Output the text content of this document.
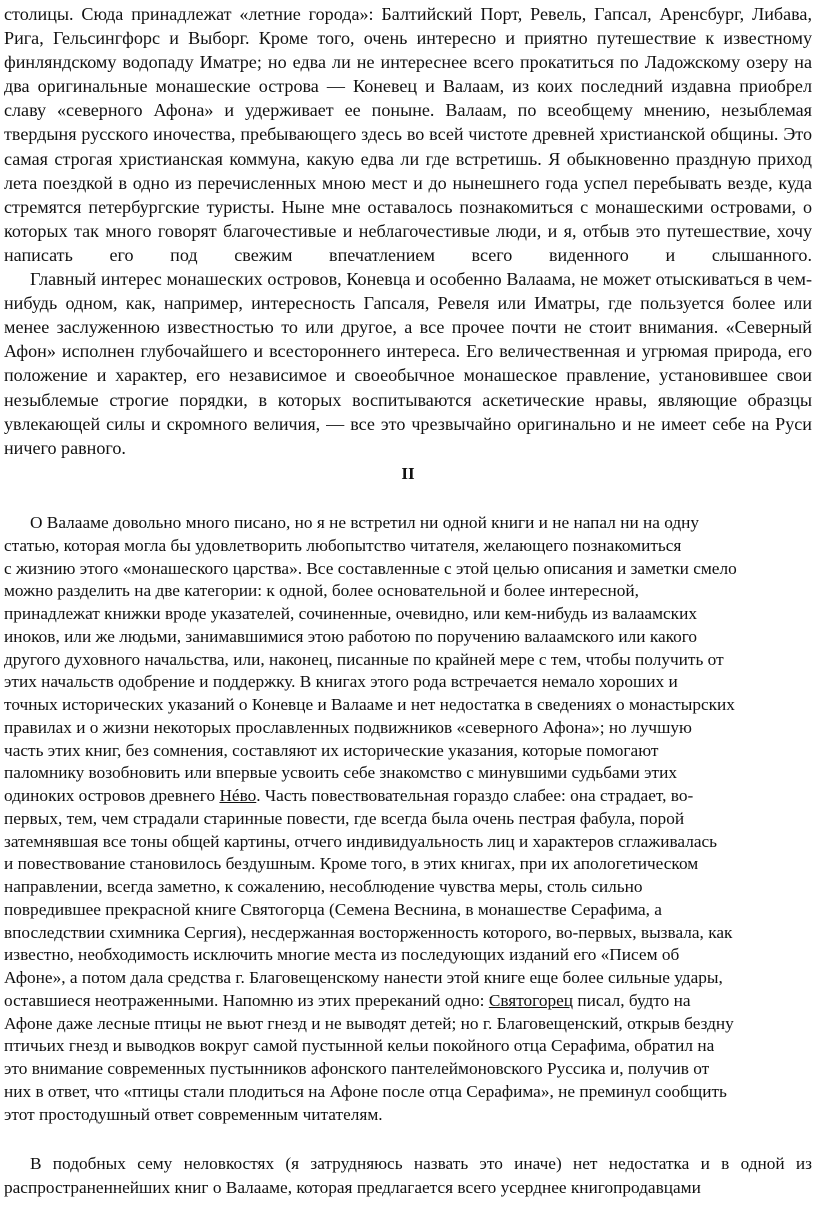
столицы. Сюда принадлежат «летние города»: Балтийский Порт, Ревель, Гапсал, Аренсбург, Либава, Рига, Гельсингфорс и Выборг. Кроме того, очень интересно и приятно путешествие к известному финляндскому водопаду Иматре; но едва ли не интереснее всего прокатиться по Ладожскому озеру на два оригинальные монашеские острова — Коневец и Валаам, из коих последний издавна приобрел славу «северного Афона» и удерживает ее поныне. Валаам, по всеобщему мнению, незыблемая твердыня русского иночества, пребывающего здесь во всей чистоте древней христианской общины. Это самая строгая христианская коммуна, какую едва ли где встретишь. Я обыкновенно праздную приход лета поездкой в одно из перечисленных мною мест и до нынешнего года успел перебывать везде, куда стремятся петербургские туристы. Ныне мне оставалось познакомиться с монашескими островами, о которых так много говорят благочестивые и неблагочестивые люди, и я, отбыв это путешествие, хочу написать его под свежим впечатлением всего виденного и слышанного.

Главный интерес монашеских островов, Коневца и особенно Валаама, не может отыскиваться в чем-нибудь одном, как, например, интересность Гапсаля, Ревеля или Иматры, где пользуется более или менее заслуженною известностью то или другое, а все прочее почти не стоит внимания. «Северный Афон» исполнен глубочайшего и всестороннего интереса. Его величественная и угрюмая природа, его положение и характер, его независимое и своеобычное монашеское правление, установившее свои незыблемые строгие порядки, в которых воспитываются аскетические нравы, являющие образцы увлекающей силы и скромного величия, — все это чрезвычайно оригинально и не имеет себе на Руси ничего равного.

II
О Валааме довольно много писано, но я не встретил ни одной книги и не напал ни на одну
статью, которая могла бы удовлетворить любопытство читателя, желающего познакомиться
с жизнию этого «монашеского царства». Все составленные с этой целью описания и заметки смело
можно разделить на две категории: к одной, более основательной и более интересной,
принадлежат книжки вроде указателей, сочиненные, очевидно, или кем-нибудь из валаамских
иноков, или же людьми, занимавшимися этою работою по поручению валаамского или какого
другого духовного начальства, или, наконец, писанные по крайней мере с тем, чтобы получить от
этих начальств одобрение и поддержку. В книгах этого рода встречается немало хороших и
точных исторических указаний о Коневце и Валааме и нет недостатка в сведениях о монастырских
правилах и о жизни некоторых прославленных подвижников «северного Афона»; но лучшую
часть этих книг, без сомнения, составляют их исторические указания, которые помогают
паломнику возобновить или впервые усвоить себе знакомство с минувшими судьбами этих
одиноких островов древнего Нéво. Часть повествовательная гораздо слабее: она страдает, во-
первых, тем, чем страдали старинные повести, где всегда была очень пестрая фабула, порой
затемнявшая все тоны общей картины, отчего индивидуальность лиц и характеров сглаживалась
и повествование становилось бездушным. Кроме того, в этих книгах, при их апологетическом
направлении, всегда заметно, к сожалению, несоблюдение чувства меры, столь сильно
повредившее прекрасной книге Святогорца (Семена Веснина, в монашестве Серафима, а
впоследствии схимника Сергия), несдержанная восторженность которого, во-первых, вызвала, как
известно, необходимость исключить многие места из последующих изданий его «Писем об
Афоне», а потом дала средства г. Благовещенскому нанести этой книге еще более сильные удары,
оставшиеся неотраженными. Напомню из этих пререканий одно: Святогорец писал, будто на
Афоне даже лесные птицы не вьют гнезд и не выводят детей; но г. Благовещенский, открыв бездну
птичьих гнезд и выводков вокруг самой пустынной кельи покойного отца Серафима, обратил на
это внимание современных пустынников афонского пантелеймоновского Руссика и, получив от
них в ответ, что «птицы стали плодиться на Афоне после отца Серафима», не преминул сообщить
этот простодушный ответ современным читателям.

В подобных сему неловкостях (я затрудняюсь назвать это иначе) нет недостатка и в одной из распространеннейших книг о Валааме, которая предлагается всего усерднее книгопродавцами
